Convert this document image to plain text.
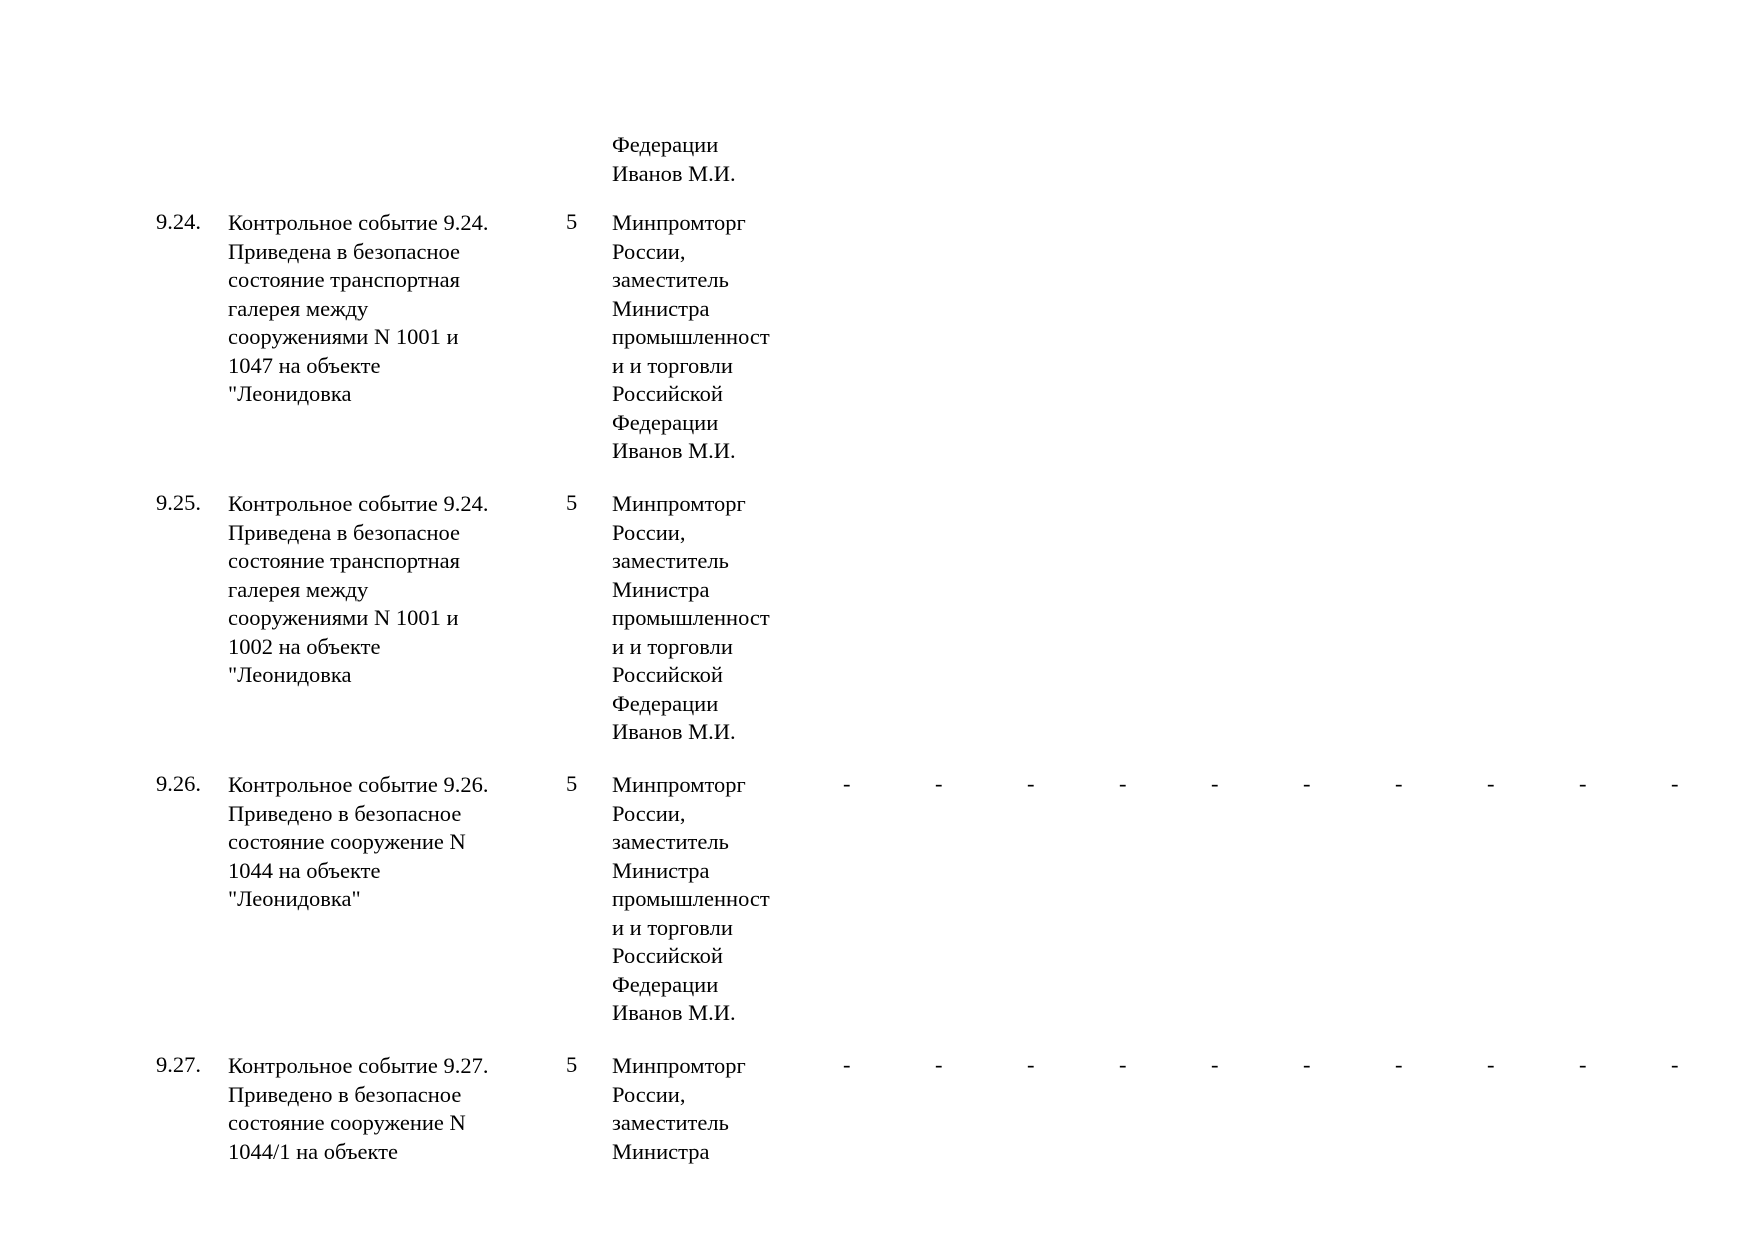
Федерации
Иванов М.И.
9.24. Контрольное событие 9.24.
Приведена в безопасное
состояние транспортная
галерея между
сооружениями N 1001 и
1047 на объекте
"Леонидовка
5 Минпромторг
России,
заместитель
Министра
промышленност
и и торговли
Российской
Федерации
Иванов М.И.
9.25. Контрольное событие 9.24.
Приведена в безопасное
состояние транспортная
галерея между
сооружениями N 1001 и
1002 на объекте
"Леонидовка
5 Минпромторг
России,
заместитель
Министра
промышленност
и и торговли
Российской
Федерации
Иванов М.И.
9.26. Контрольное событие 9.26.
Приведено в безопасное
состояние сооружение N
1044 на объекте
"Леонидовка"
5 Минпромторг
России,
заместитель
Министра
промышленност
и и торговли
Российской
Федерации
Иванов М.И.
-	-	-	-	-	-	-	-	-	-
9.27. Контрольное событие 9.27.
Приведено в безопасное
состояние сооружение N
1044/1 на объекте
5 Минпромторг
России,
заместитель
Министра
-	-	-	-	-	-	-	-	-	-
